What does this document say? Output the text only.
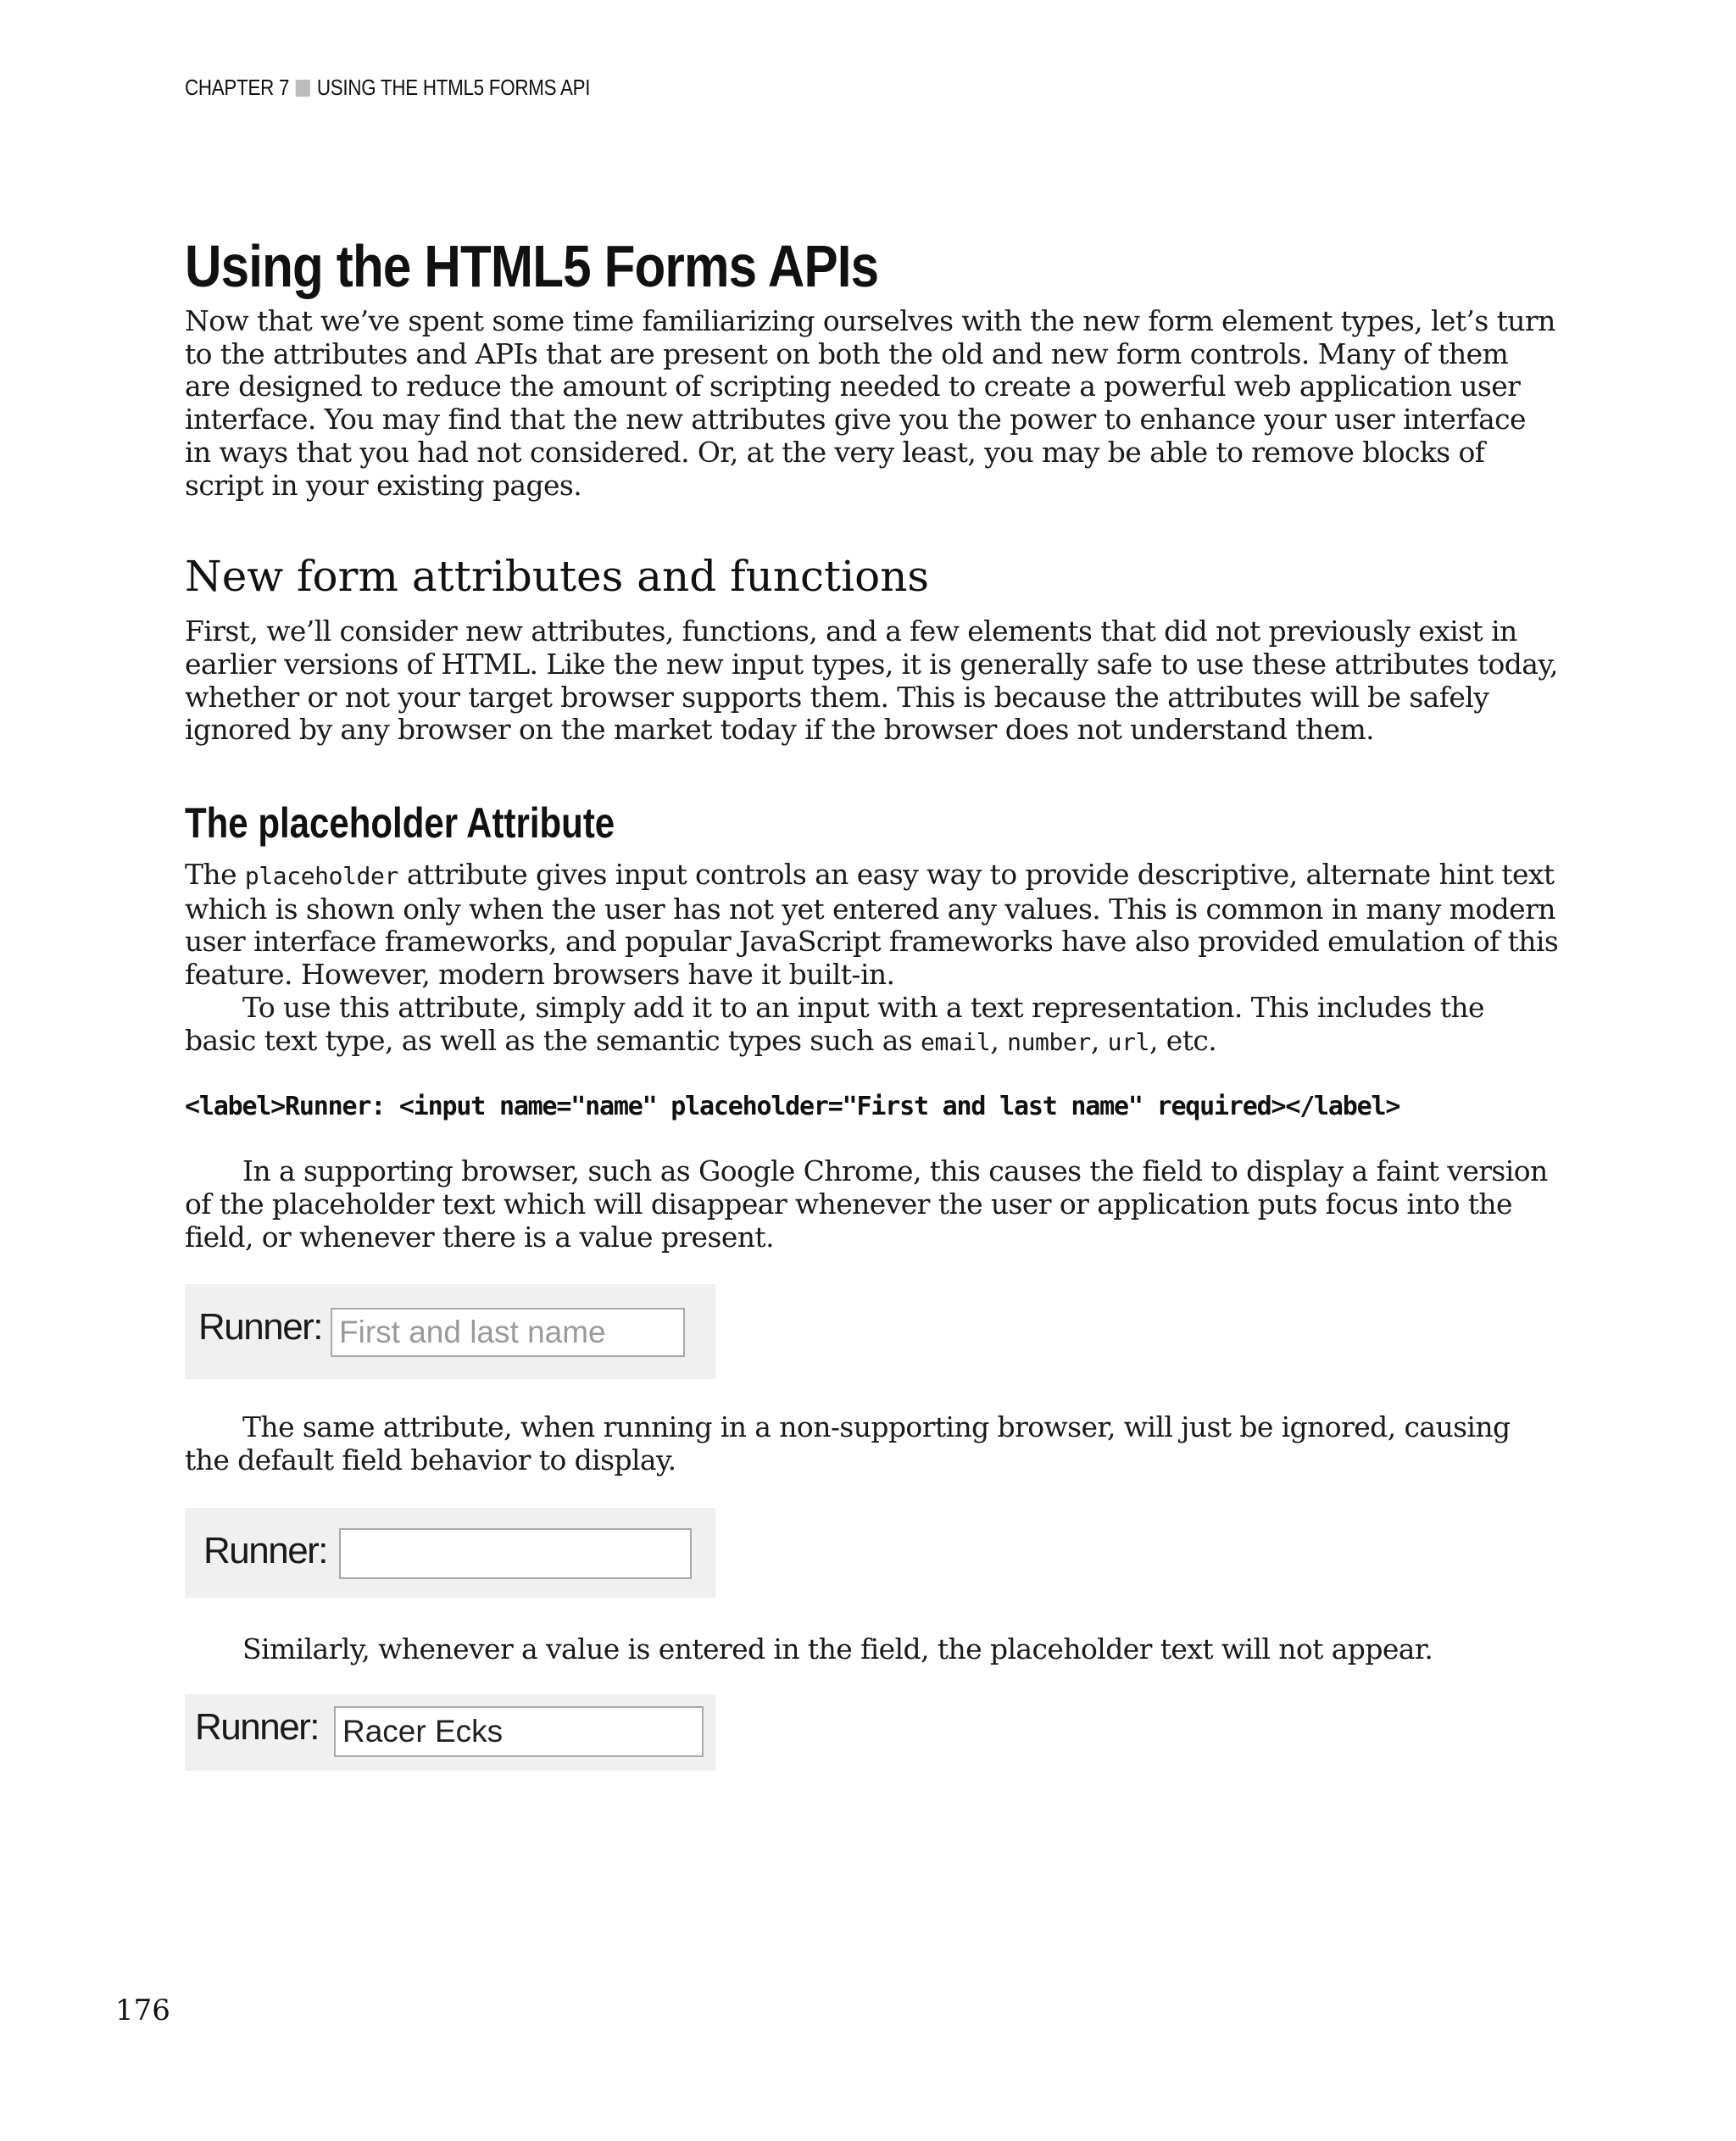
CHAPTER 7 USING THE HTML5 FORMS API
Using the HTML5 Forms APIs

Now that we’ve spent some time familiarizing ourselves with the new form element types, let’s turn to the attributes and APIs that are present on both the old and new form controls. Many of them are designed to reduce the amount of scripting needed to create a powerful web application user interface. You may find that the new attributes give you the power to enhance your user interface in ways that you had not considered. Or, at the very least, you may be able to remove blocks of script in your existing pages.

New form attributes and functions

First, we’ll consider new attributes, functions, and a few elements that did not previously exist in earlier versions of HTML. Like the new input types, it is generally safe to use these attributes today, whether or not your target browser supports them. This is because the attributes will be safely ignored by any browser on the market today if the browser does not understand them.

The placeholder Attribute

The placeholder attribute gives input controls an easy way to provide descriptive, alternate hint text which is shown only when the user has not yet entered any values. This is common in many modern user interface frameworks, and popular JavaScript frameworks have also provided emulation of this feature. However, modern browsers have it built-in.

To use this attribute, simply add it to an input with a text representation. This includes the basic text type, as well as the semantic types such as email, number, url, etc.

<label>Runner: <input name="name" placeholder="First and last name" required></label>

In a supporting browser, such as Google Chrome, this causes the field to display a faint version of the placeholder text which will disappear whenever the user or application puts focus into the field, or whenever there is a value present.

Runner:
First and last name

The same attribute, when running in a non-supporting browser, will just be ignored, causing the default field behavior to display.

Runner:

Similarly, whenever a value is entered in the field, the placeholder text will not appear.

Runner:
Racer Ecks
176
